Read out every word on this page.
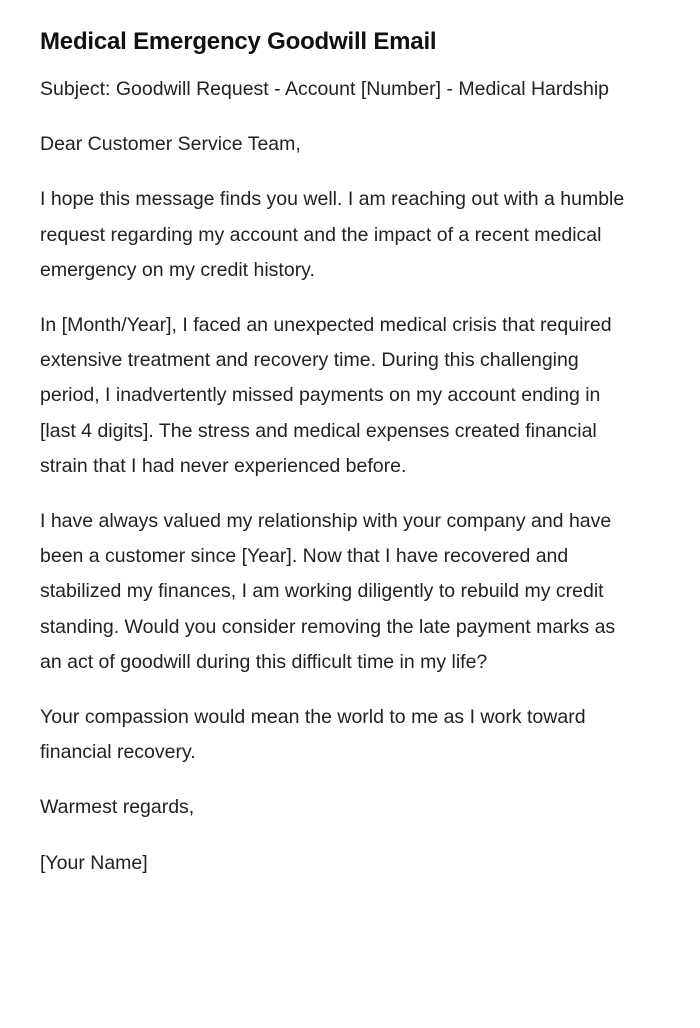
Medical Emergency Goodwill Email

Subject: Goodwill Request - Account [Number] - Medical Hardship

Dear Customer Service Team,

I hope this message finds you well. I am reaching out with a humble request regarding my account and the impact of a recent medical emergency on my credit history.

In [Month/Year], I faced an unexpected medical crisis that required extensive treatment and recovery time. During this challenging period, I inadvertently missed payments on my account ending in [last 4 digits]. The stress and medical expenses created financial strain that I had never experienced before.

I have always valued my relationship with your company and have been a customer since [Year]. Now that I have recovered and stabilized my finances, I am working diligently to rebuild my credit standing. Would you consider removing the late payment marks as an act of goodwill during this difficult time in my life?

Your compassion would mean the world to me as I work toward financial recovery.

Warmest regards,

[Your Name]
